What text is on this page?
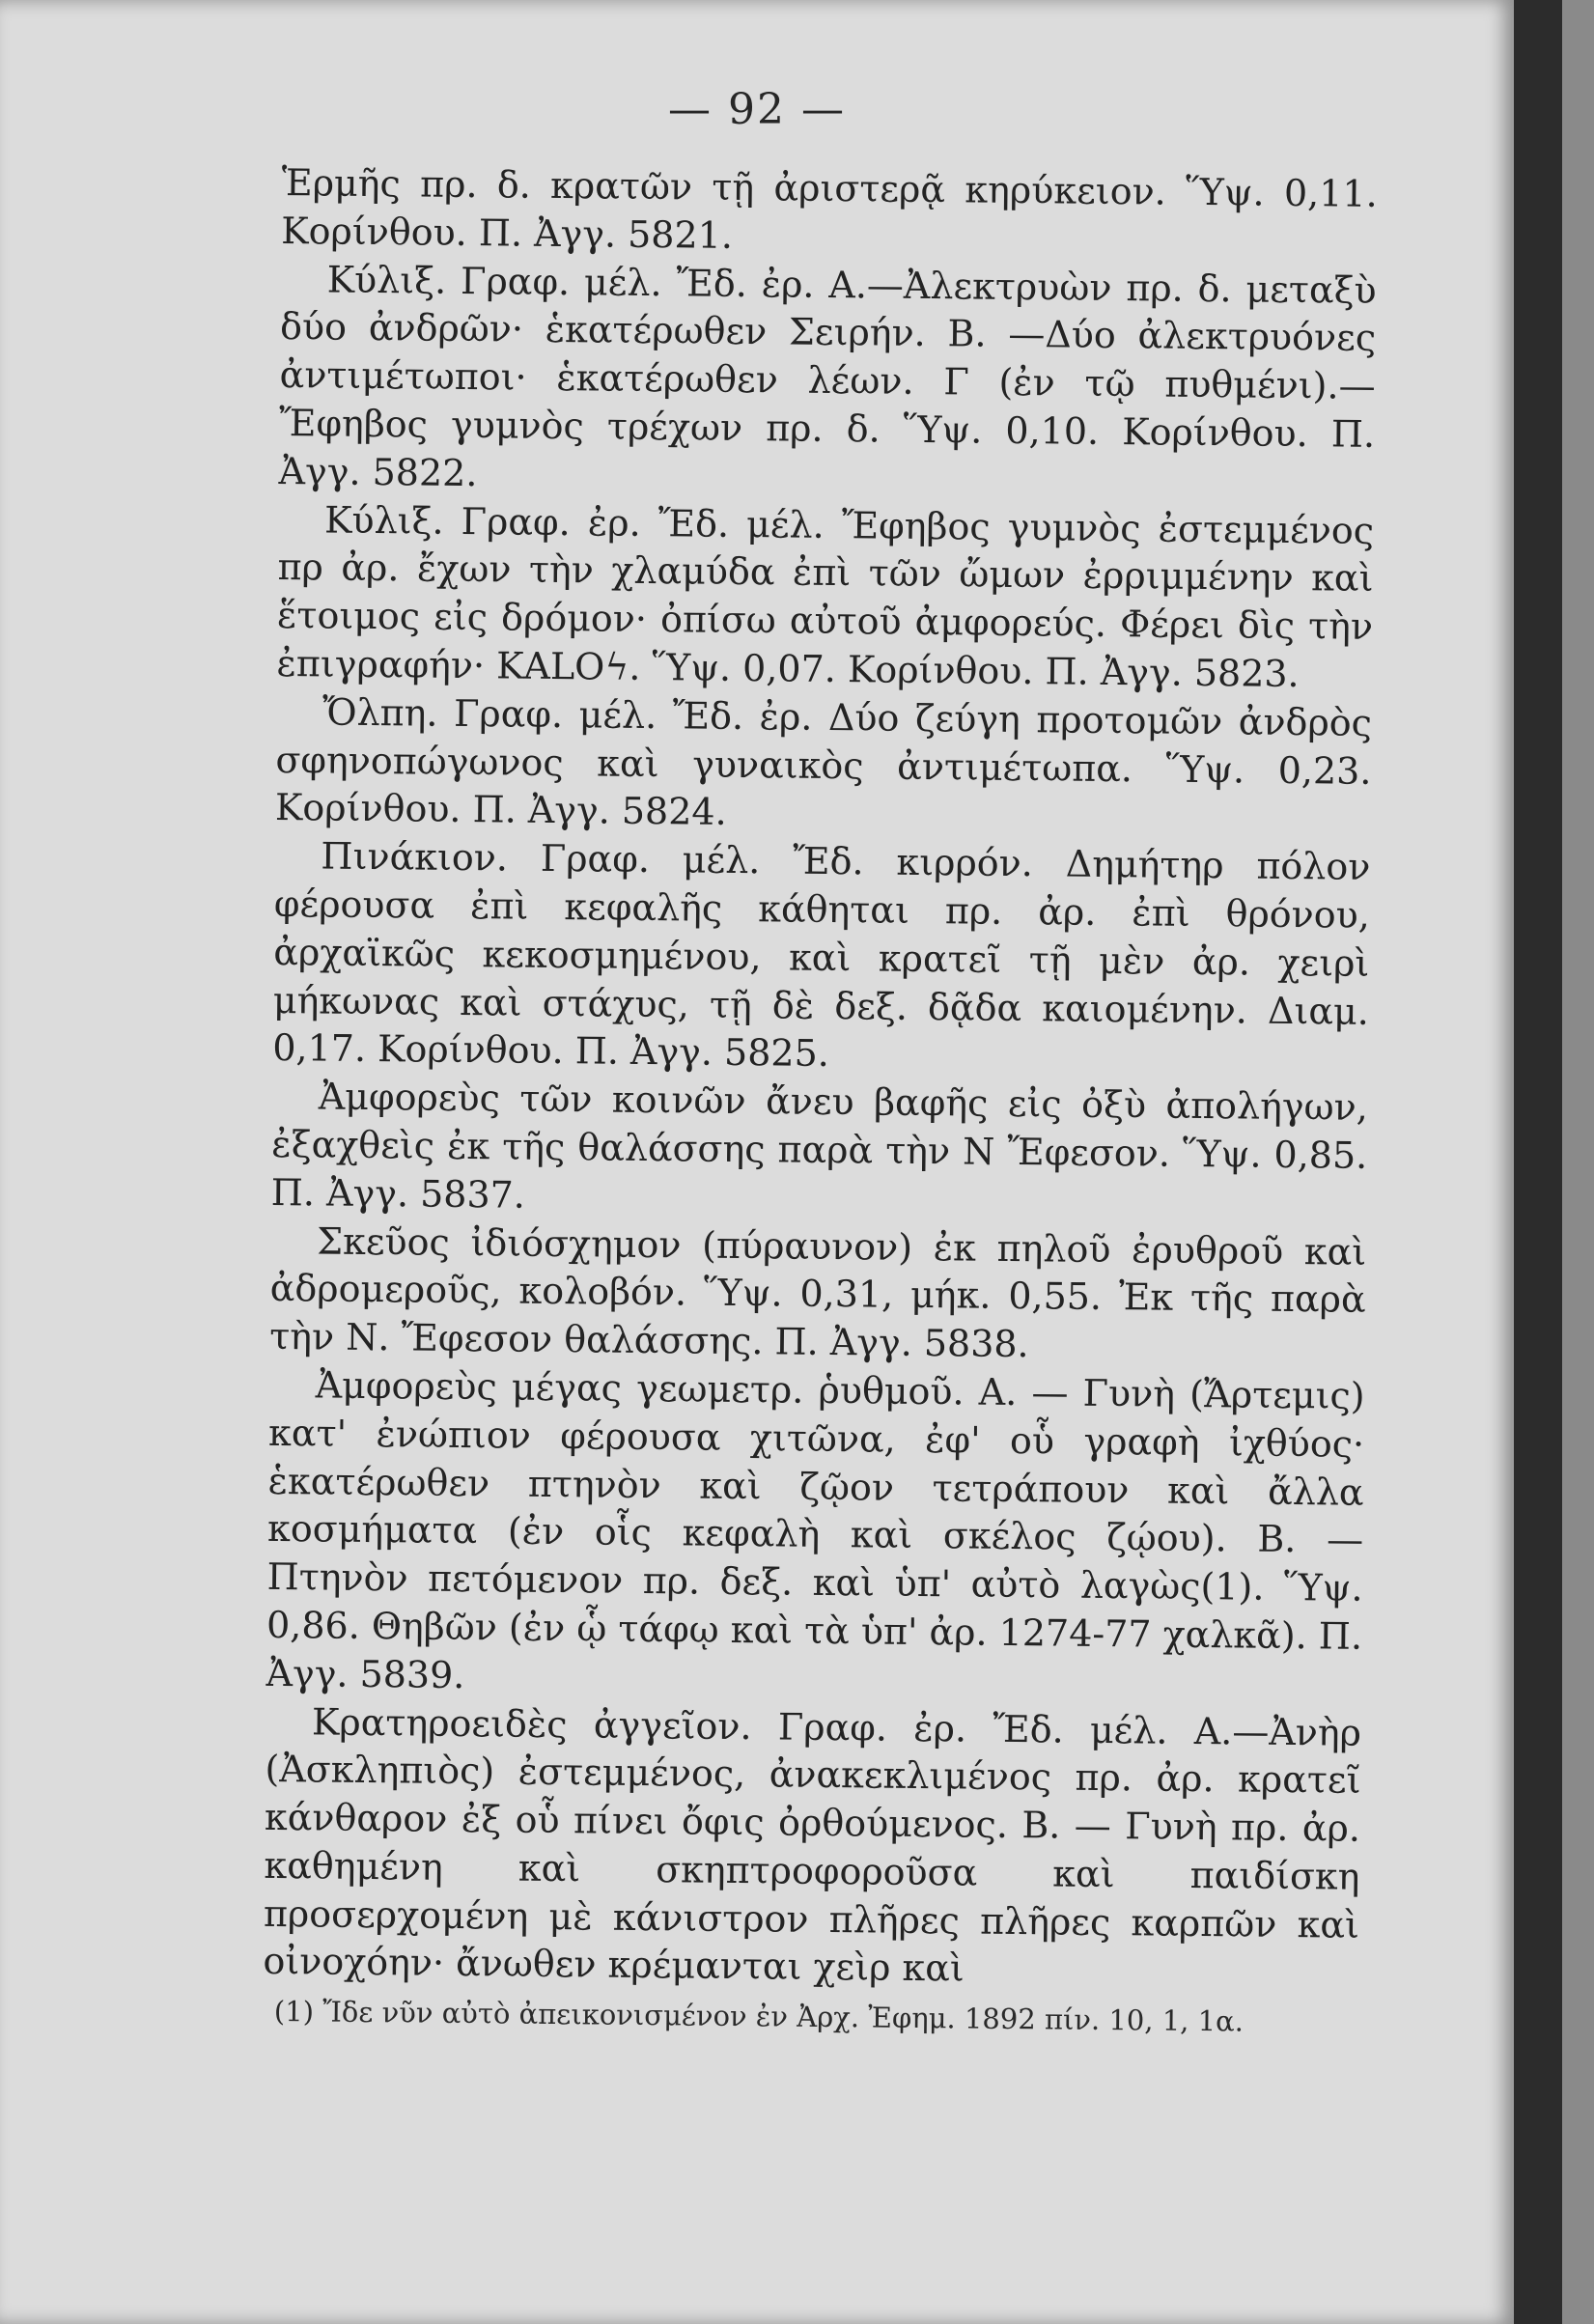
— 92 —

Ἑρμῆς πρ. δ. κρατῶν τῇ ἀριστερᾷ κηρύκειον. Ὕψ. 0,11. Κορίνθου. Π. Ἀγγ. 5821.

Κύλιξ. Γραφ. μέλ. Ἔδ. ἐρ. Α.—Ἀλεκτρυὼν πρ. δ. μεταξὺ δύο ἀνδρῶν· ἑκατέρωθεν Σειρήν. Β. —Δύο ἀλεκτρυόνες ἀντιμέτωποι· ἑκατέρωθεν λέων. Γ (ἐν τῷ πυθμένι).—Ἔφηβος γυμνὸς τρέχων πρ. δ. Ὕψ. 0,10. Κορίνθου. Π. Ἀγγ. 5822.

Κύλιξ. Γραφ. ἐρ. Ἔδ. μέλ. Ἔφηβος γυμνὸς ἐστεμμένος πρ ἀρ. ἔχων τὴν χλαμύδα ἐπὶ τῶν ὤμων ἐρριμμένην καὶ ἕτοιμος εἰς δρόμον· ὀπίσω αὐτοῦ ἀμφορεύς. Φέρει δὶς τὴν ἐπιγραφήν· ΚΑLOϟ. Ὕψ. 0,07. Κορίνθου. Π. Ἀγγ. 5823.

Ὄλπη. Γραφ. μέλ. Ἔδ. ἐρ. Δύο ζεύγη προτομῶν ἀνδρὸς σφηνοπώγωνος καὶ γυναικὸς ἀντιμέτωπα. Ὕψ. 0,23. Κορίνθου. Π. Ἀγγ. 5824.

Πινάκιον. Γραφ. μέλ. Ἔδ. κιρρόν. Δημήτηρ πόλον φέρουσα ἐπὶ κεφαλῆς κάθηται πρ. ἀρ. ἐπὶ θρόνου, ἀρχαϊκῶς κεκοσμημένου, καὶ κρατεῖ τῇ μὲν ἀρ. χειρὶ μήκωνας καὶ στάχυς, τῇ δὲ δεξ. δᾷδα καιομένην. Διαμ. 0,17. Κορίνθου. Π. Ἀγγ. 5825.

Ἀμφορεὺς τῶν κοινῶν ἄνευ βαφῆς εἰς ὀξὺ ἀπολήγων, ἐξαχθεὶς ἐκ τῆς θαλάσσης παρὰ τὴν Ν Ἔφεσον. Ὕψ. 0,85. Π. Ἀγγ. 5837.

Σκεῦος ἰδιόσχημον (πύραυνον) ἐκ πηλοῦ ἐρυθροῦ καὶ ἀδρομεροῦς, κολοβόν. Ὕψ. 0,31, μήκ. 0,55. Ἐκ τῆς παρὰ τὴν Ν. Ἔφεσον θαλάσσης. Π. Ἀγγ. 5838.

Ἀμφορεὺς μέγας γεωμετρ. ῥυθμοῦ. Α. — Γυνὴ (Ἄρτεμις) κατ' ἐνώπιον φέρουσα χιτῶνα, ἐφ' οὗ γραφὴ ἰχθύος· ἑκατέρωθεν πτηνὸν καὶ ζῷον τετράπουν καὶ ἄλλα κοσμήματα (ἐν οἷς κεφαλὴ καὶ σκέλος ζῴου). Β. — Πτηνὸν πετόμενον πρ. δεξ. καὶ ὑπ' αὐτὸ λαγὼς(1). Ὕψ. 0,86. Θηβῶν (ἐν ᾧ τάφῳ καὶ τὰ ὑπ' ἀρ. 1274-77 χαλκᾶ). Π. Ἀγγ. 5839.

Κρατηροειδὲς ἀγγεῖον. Γραφ. ἐρ. Ἔδ. μέλ. Α.—Ἀνὴρ (Ἀσκληπιὸς) ἐστεμμένος, ἀνακεκλιμένος πρ. ἀρ. κρατεῖ κάνθαρον ἐξ οὗ πίνει ὄφις ὀρθούμενος. Β. — Γυνὴ πρ. ἀρ. καθημένη καὶ σκηπτροφοροῦσα καὶ παιδίσκη προσερχομένη μὲ κάνιστρον πλῆρες πλῆρες καρπῶν καὶ οἰνοχόην· ἄνωθεν κρέμανται χεὶρ καὶ

(1) Ἴδε νῦν αὐτὸ ἀπεικονισμένον ἐν Ἀρχ. Ἐφημ. 1892 πίν. 10, 1, 1α.
